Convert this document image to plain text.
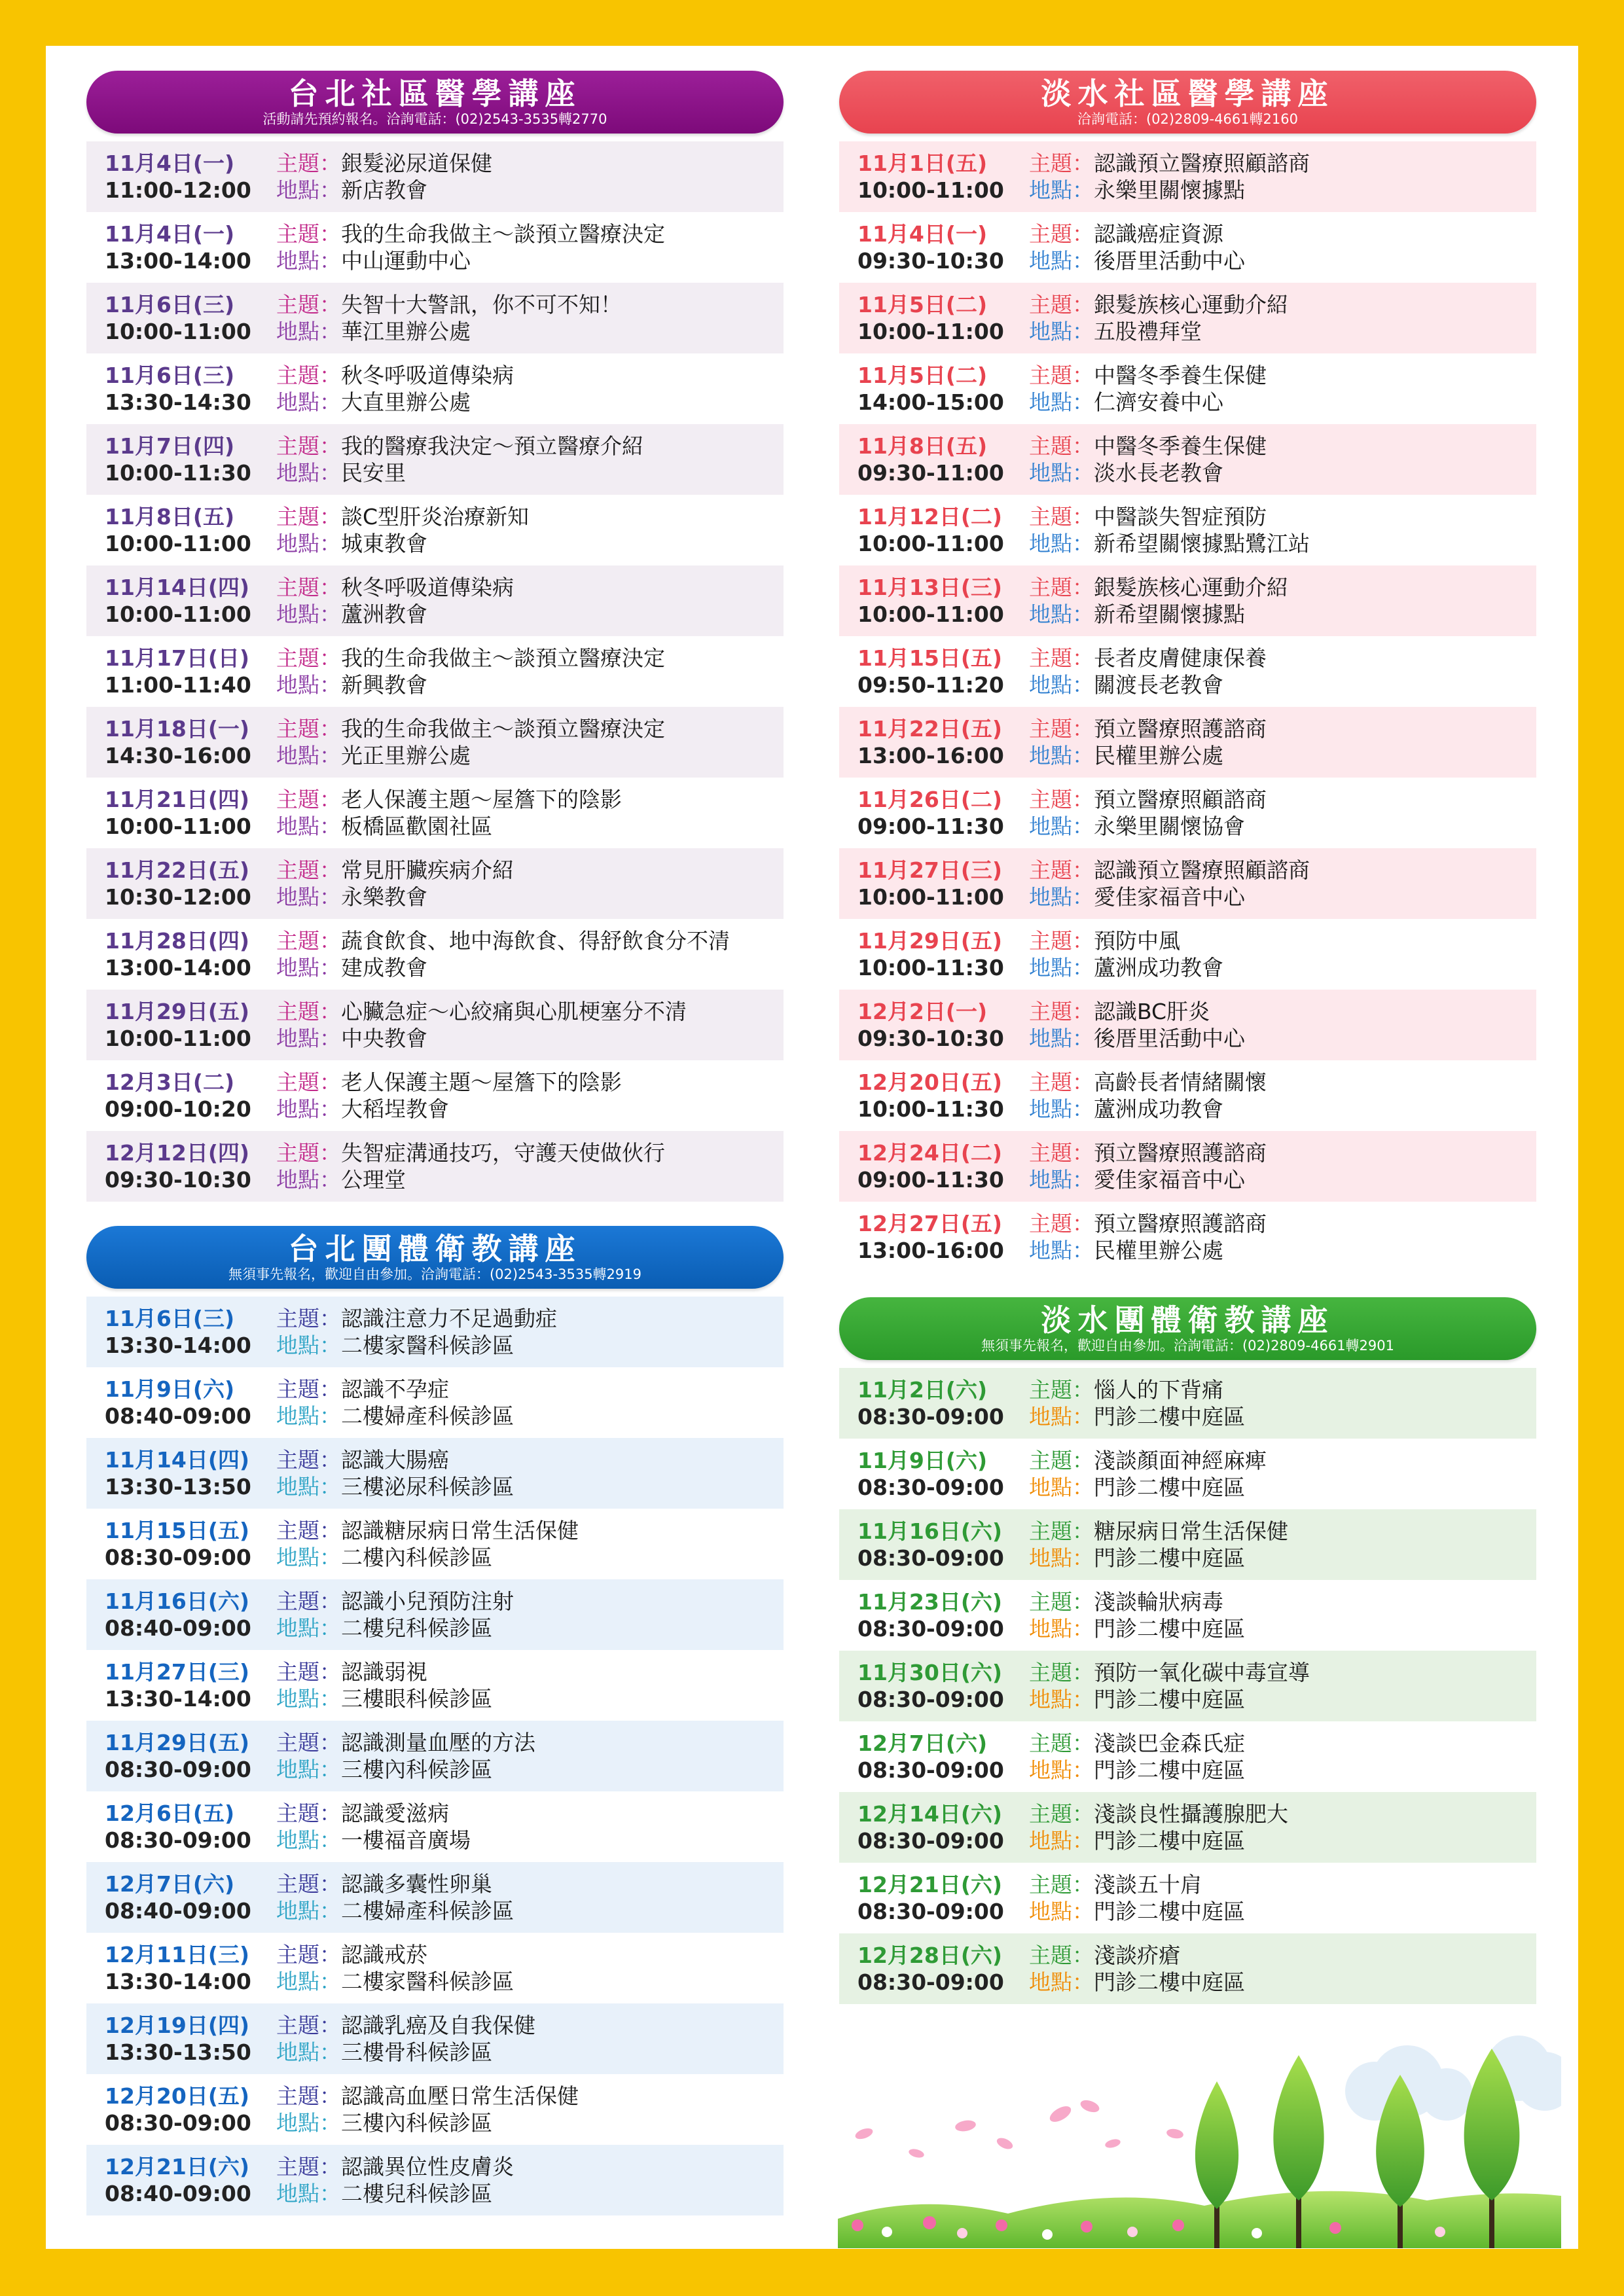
台北社區醫學講座
活動請先預約報名。洽詢電話：(02)2543-3535轉2770
11月4日(一)
11:00-12:00
主題：銀髮泌尿道保健
地點：新店教會
11月4日(一)
13:00-14:00
主題：我的生命我做主～談預立醫療決定
地點：中山運動中心
11月6日(三)
10:00-11:00
主題：失智十大警訊，你不可不知！
地點：華江里辦公處
11月6日(三)
13:30-14:30
主題：秋冬呼吸道傳染病
地點：大直里辦公處
11月7日(四)
10:00-11:30
主題：我的醫療我決定～預立醫療介紹
地點：民安里
11月8日(五)
10:00-11:00
主題：談C型肝炎治療新知
地點：城東教會
11月14日(四)
10:00-11:00
主題：秋冬呼吸道傳染病
地點：蘆洲教會
11月17日(日)
11:00-11:40
主題：我的生命我做主～談預立醫療決定
地點：新興教會
11月18日(一)
14:30-16:00
主題：我的生命我做主～談預立醫療決定
地點：光正里辦公處
11月21日(四)
10:00-11:00
主題：老人保護主題～屋簷下的陰影
地點：板橋區歡園社區
11月22日(五)
10:30-12:00
主題：常見肝臟疾病介紹
地點：永樂教會
11月28日(四)
13:00-14:00
主題：蔬食飲食、地中海飲食、得舒飲食分不清
地點：建成教會
11月29日(五)
10:00-11:00
主題：心臟急症～心絞痛與心肌梗塞分不清
地點：中央教會
12月3日(二)
09:00-10:20
主題：老人保護主題～屋簷下的陰影
地點：大稻埕教會
12月12日(四)
09:30-10:30
主題：失智症溝通技巧，守護天使做伙行
地點：公理堂
台北團體衛教講座
無須事先報名，歡迎自由參加。洽詢電話：(02)2543-3535轉2919
11月6日(三)
13:30-14:00
主題：認識注意力不足過動症
地點：二樓家醫科候診區
11月9日(六)
08:40-09:00
主題：認識不孕症
地點：二樓婦產科候診區
11月14日(四)
13:30-13:50
主題：認識大腸癌
地點：三樓泌尿科候診區
11月15日(五)
08:30-09:00
主題：認識糖尿病日常生活保健
地點：二樓內科候診區
11月16日(六)
08:40-09:00
主題：認識小兒預防注射
地點：二樓兒科候診區
11月27日(三)
13:30-14:00
主題：認識弱視
地點：三樓眼科候診區
11月29日(五)
08:30-09:00
主題：認識測量血壓的方法
地點：三樓內科候診區
12月6日(五)
08:30-09:00
主題：認識愛滋病
地點：一樓福音廣場
12月7日(六)
08:40-09:00
主題：認識多囊性卵巢
地點：二樓婦產科候診區
12月11日(三)
13:30-14:00
主題：認識戒菸
地點：二樓家醫科候診區
12月19日(四)
13:30-13:50
主題：認識乳癌及自我保健
地點：三樓骨科候診區
12月20日(五)
08:30-09:00
主題：認識高血壓日常生活保健
地點：三樓內科候診區
12月21日(六)
08:40-09:00
主題：認識異位性皮膚炎
地點：二樓兒科候診區
淡水社區醫學講座
洽詢電話：(02)2809-4661轉2160
11月1日(五)
10:00-11:00
主題：認識預立醫療照顧諮商
地點：永樂里關懷據點
11月4日(一)
09:30-10:30
主題：認識癌症資源
地點：後厝里活動中心
11月5日(二)
10:00-11:00
主題：銀髮族核心運動介紹
地點：五股禮拜堂
11月5日(二)
14:00-15:00
主題：中醫冬季養生保健
地點：仁濟安養中心
11月8日(五)
09:30-11:00
主題：中醫冬季養生保健
地點：淡水長老教會
11月12日(二)
10:00-11:00
主題：中醫談失智症預防
地點：新希望關懷據點鷺江站
11月13日(三)
10:00-11:00
主題：銀髮族核心運動介紹
地點：新希望關懷據點
11月15日(五)
09:50-11:20
主題：長者皮膚健康保養
地點：關渡長老教會
11月22日(五)
13:00-16:00
主題：預立醫療照護諮商
地點：民權里辦公處
11月26日(二)
09:00-11:30
主題：預立醫療照顧諮商
地點：永樂里關懷協會
11月27日(三)
10:00-11:00
主題：認識預立醫療照顧諮商
地點：愛佳家福音中心
11月29日(五)
10:00-11:30
主題：預防中風
地點：蘆洲成功教會
12月2日(一)
09:30-10:30
主題：認識BC肝炎
地點：後厝里活動中心
12月20日(五)
10:00-11:30
主題：高齡長者情緒關懷
地點：蘆洲成功教會
12月24日(二)
09:00-11:30
主題：預立醫療照護諮商
地點：愛佳家福音中心
12月27日(五)
13:00-16:00
主題：預立醫療照護諮商
地點：民權里辦公處
淡水團體衛教講座
無須事先報名，歡迎自由參加。洽詢電話：(02)2809-4661轉2901
11月2日(六)
08:30-09:00
主題：惱人的下背痛
地點：門診二樓中庭區
11月9日(六)
08:30-09:00
主題：淺談顏面神經麻痺
地點：門診二樓中庭區
11月16日(六)
08:30-09:00
主題：糖尿病日常生活保健
地點：門診二樓中庭區
11月23日(六)
08:30-09:00
主題：淺談輪狀病毒
地點：門診二樓中庭區
11月30日(六)
08:30-09:00
主題：預防一氧化碳中毒宣導
地點：門診二樓中庭區
12月7日(六)
08:30-09:00
主題：淺談巴金森氏症
地點：門診二樓中庭區
12月14日(六)
08:30-09:00
主題：淺談良性攝護腺肥大
地點：門診二樓中庭區
12月21日(六)
08:30-09:00
主題：淺談五十肩
地點：門診二樓中庭區
12月28日(六)
08:30-09:00
主題：淺談疥瘡
地點：門診二樓中庭區
